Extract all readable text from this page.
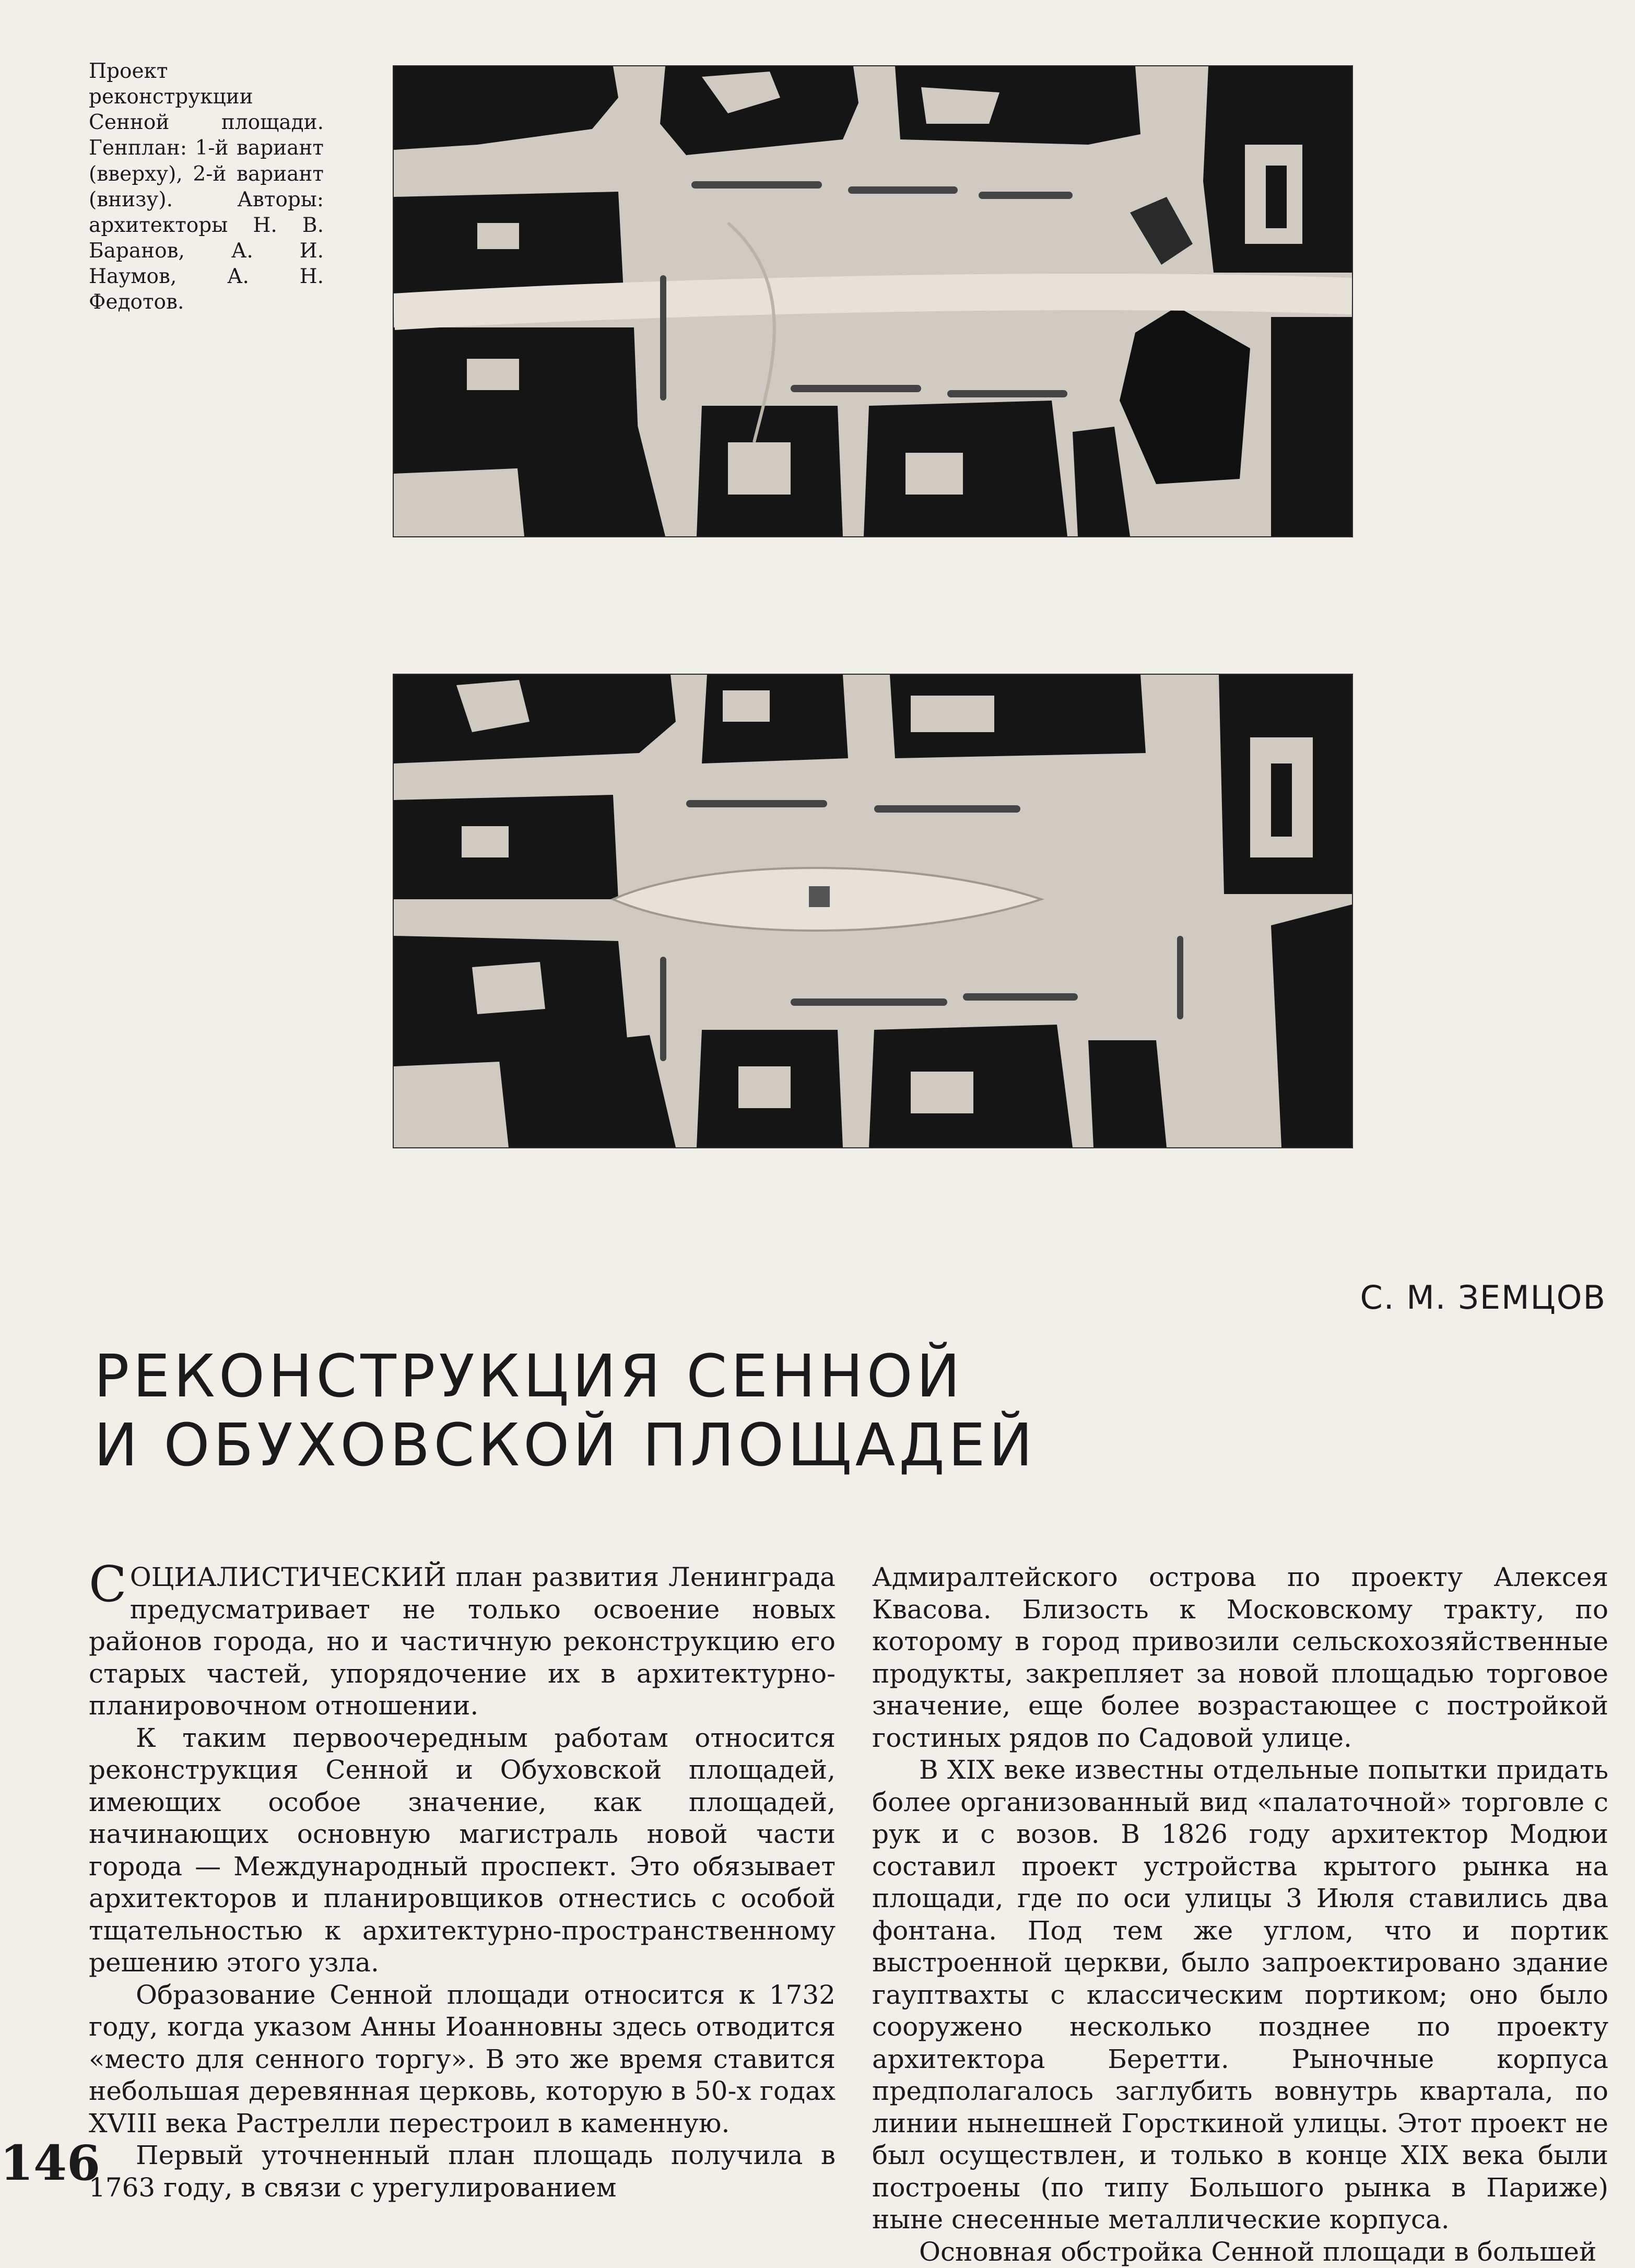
Проект реконструкции Сенной площади. Генплан: 1-й вариант (вверху), 2-й вариант (внизу). Авторы: архитекторы Н. В. Баранов, А. И. Наумов, А. Н. Федотов.

С. М. ЗЕМЦОВ
РЕКОНСТРУКЦИЯ СЕННОЙ
И ОБУХОВСКОЙ ПЛОЩАДЕЙ

СОЦИАЛИСТИЧЕСКИЙ план развития Ленинграда предусматривает не только освоение новых районов города, но и частичную реконструкцию его старых частей, упорядочение их в архитектурно-планировочном отношении.

К таким первоочередным работам относится реконструкция Сенной и Обуховской площадей, имеющих особое значение, как площадей, начинающих основную магистраль новой части города — Международный проспект. Это обязывает архитекторов и планировщиков отнестись с особой тщательностью к архитектурно-пространственному решению этого узла.

Образование Сенной площади относится к 1732 году, когда указом Анны Иоанновны здесь отводится «место для сенного торгу». В это же время ставится небольшая деревянная церковь, которую в 50-х годах XVIII века Растрелли перестроил в каменную.

Первый уточненный план площадь получила в 1763 году, в связи с урегулированием

Адмиралтейского острова по проекту Алексея Квасова. Близость к Московскому тракту, по которому в город привозили сельскохозяйственные продукты, закрепляет за новой площадью торговое значение, еще более возрастающее с постройкой гостиных рядов по Садовой улице.

В XIX веке известны отдельные попытки придать более организованный вид «палаточной» торговле с рук и с возов. В 1826 году архитектор Модюи составил проект устройства крытого рынка на площади, где по оси улицы 3 Июля ставились два фонтана. Под тем же углом, что и портик выстроенной церкви, было запроектировано здание гауптвахты с классическим портиком; оно было сооружено несколько позднее по проекту архитектора Беретти. Рыночные корпуса предполагалось заглубить вовнутрь квартала, по линии нынешней Горсткиной улицы. Этот проект не был осуществлен, и только в конце XIX века были построены (по типу Большого рынка в Париже) ныне снесенные металлические корпуса.

Основная обстройка Сенной площади в большей

146
